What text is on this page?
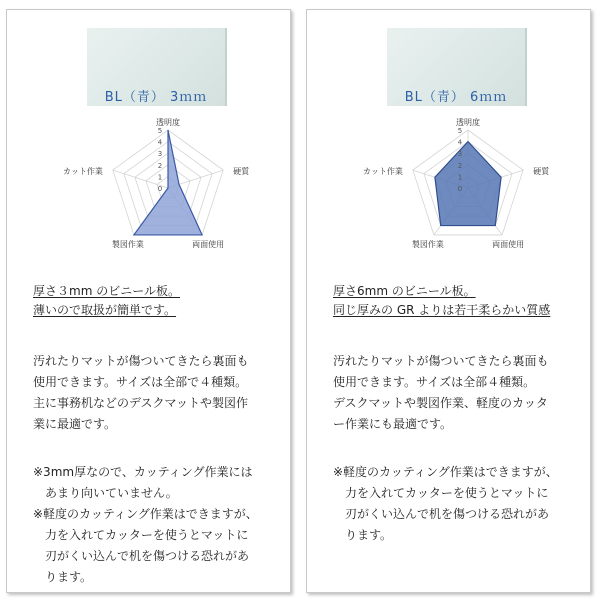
BL（青） 3ｍｍ
5
4
3
2
1
0
透明度
硬質
両面使用
製図作業
カット作業
厚さ３mm のビニール板。
薄いので取扱が簡単です。
汚れたりマットが傷ついてきたら裏面も
使用できます。サイズは全部で４種類。
主に事務机などのデスクマットや製図作
業に最適です。
※3mm厚なので、カッティング作業には
あまり向いていません。
※軽度のカッティング作業はできますが、
力を入れてカッターを使うとマットに
刃がくい込んで机を傷つける恐れがあ
ります。
BL（青） 6ｍｍ
5
4
3
2
1
0
透明度
硬質
両面使用
製図作業
カット作業
厚さ6mm のビニール板。
同じ厚みの GR よりは若干柔らかい質感
汚れたりマットが傷ついてきたら裏面も
使用できます。サイズは全部４種類。
デスクマットや製図作業、軽度のカッタ
ー作業にも最適です。
※軽度のカッティング作業はできますが、
力を入れてカッターを使うとマットに
刃がくい込んで机を傷つける恐れがあ
ります。
